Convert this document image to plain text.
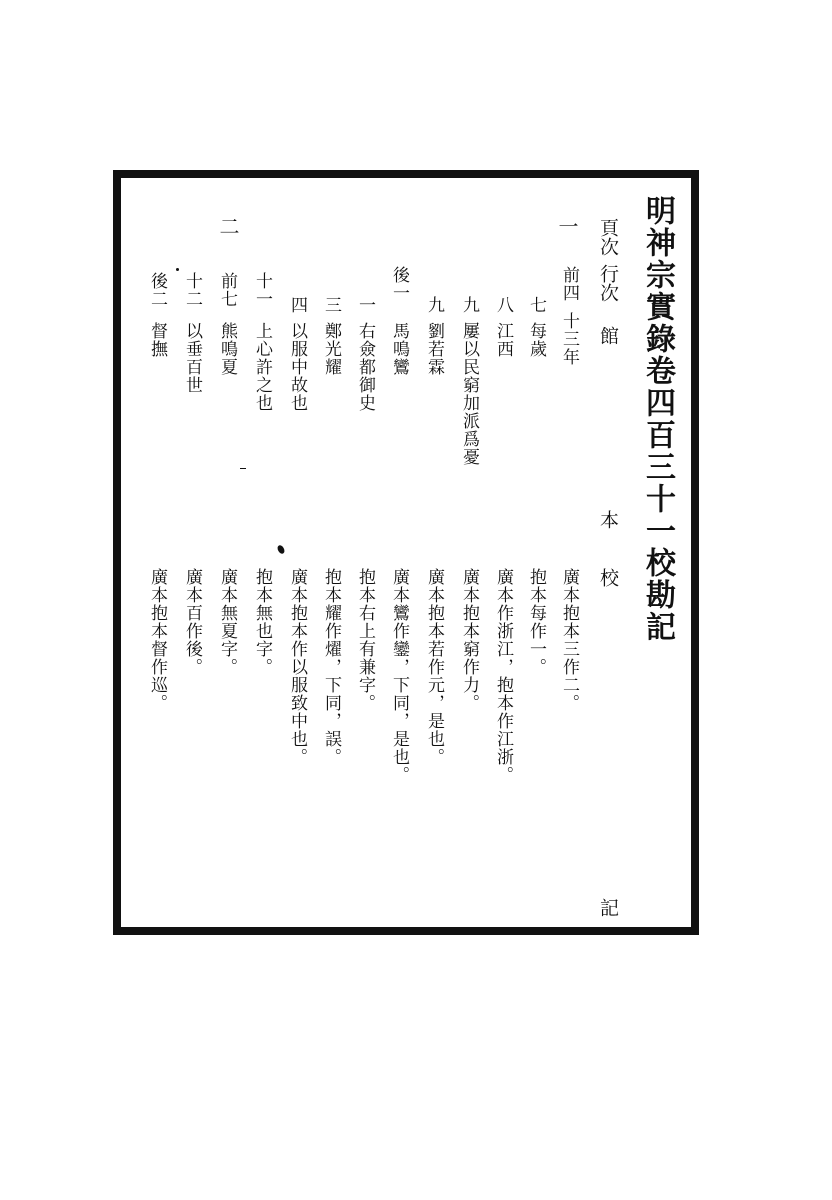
明神宗實錄卷四百三十一校勘記
頁次行次
館
本
校
記
一
二
前四
七
八
九
九
後一
一
三
四
十一
前七
十二
後二
十三年
每歲
江西
屢以民窮加派爲憂
劉若霖
馬鳴鸞
右僉都御史
鄭光耀
以服中故也
上心許之也
熊鳴夏
以垂百世
督撫
廣本抱本三作二。
抱本每作一。
廣本作浙江，抱本作江浙。
廣本抱本窮作力。
廣本抱本若作元，是也。
廣本鸞作鑾，下同，是也。
抱本右上有兼字。
抱本耀作燿，下同，誤。
廣本抱本作以服致中也。
抱本無也字。
廣本無夏字。
廣本百作後。
廣本抱本督作巡。
